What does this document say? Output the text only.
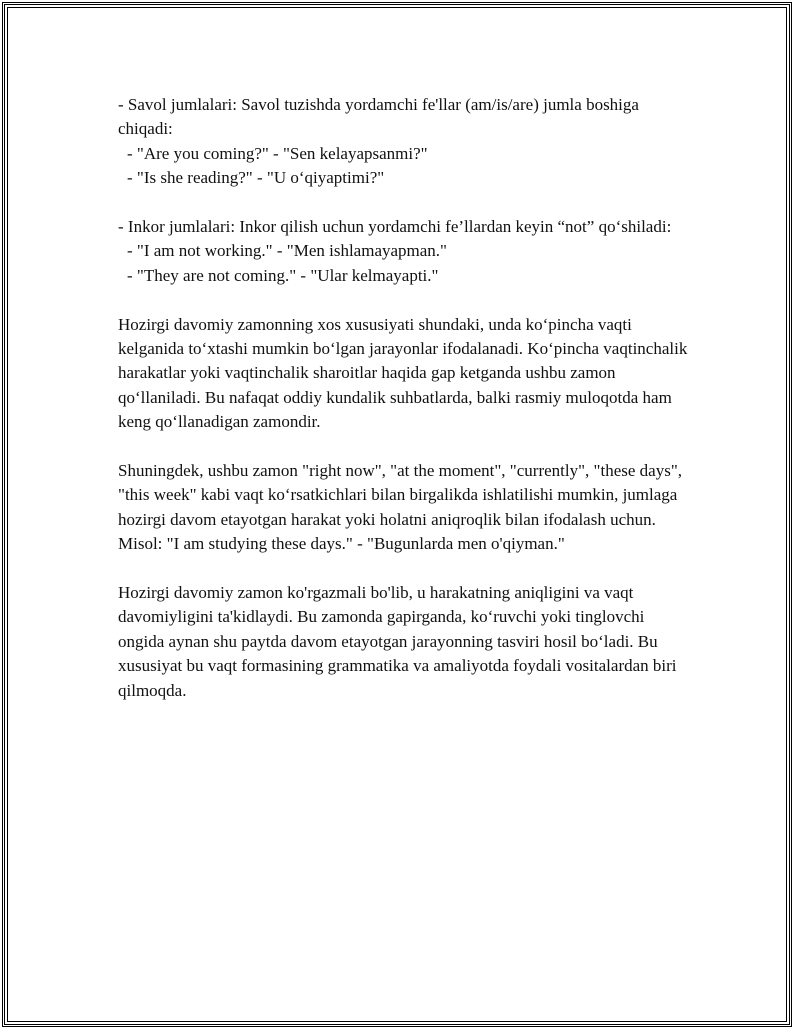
- Savol jumlalari: Savol tuzishda yordamchi fe'llar (am/is/are) jumla boshiga chiqadi:
- "Are you coming?" - "Sen kelayapsanmi?"
- "Is she reading?" - "U o‘qiyaptimi?"
- Inkor jumlalari: Inkor qilish uchun yordamchi fe’llardan keyin “not” qo‘shiladi:
- "I am not working." - "Men ishlamayapman."
- "They are not coming." - "Ular kelmayapti."

Hozirgi davomiy zamonning xos xususiyati shundaki, unda ko‘pincha vaqti kelganida to‘xtashi mumkin bo‘lgan jarayonlar ifodalanadi. Ko‘pincha vaqtinchalik harakatlar yoki vaqtinchalik sharoitlar haqida gap ketganda ushbu zamon qo‘llaniladi. Bu nafaqat oddiy kundalik suhbatlarda, balki rasmiy muloqotda ham keng qo‘llanadigan zamondir.

Shuningdek, ushbu zamon "right now", "at the moment", "currently", "these days", "this week" kabi vaqt ko‘rsatkichlari bilan birgalikda ishlatilishi mumkin, jumlaga hozirgi davom etayotgan harakat yoki holatni aniqroqlik bilan ifodalash uchun. Misol: "I am studying these days." - "Bugunlarda men o'qiyman."

Hozirgi davomiy zamon ko'rgazmali bo'lib, u harakatning aniqligini va vaqt davomiyligini ta'kidlaydi. Bu zamonda gapirganda, ko‘ruvchi yoki tinglovchi ongida aynan shu paytda davom etayotgan jarayonning tasviri hosil bo‘ladi. Bu xususiyat bu vaqt formasining grammatika va amaliyotda foydali vositalardan biri qilmoqda.
